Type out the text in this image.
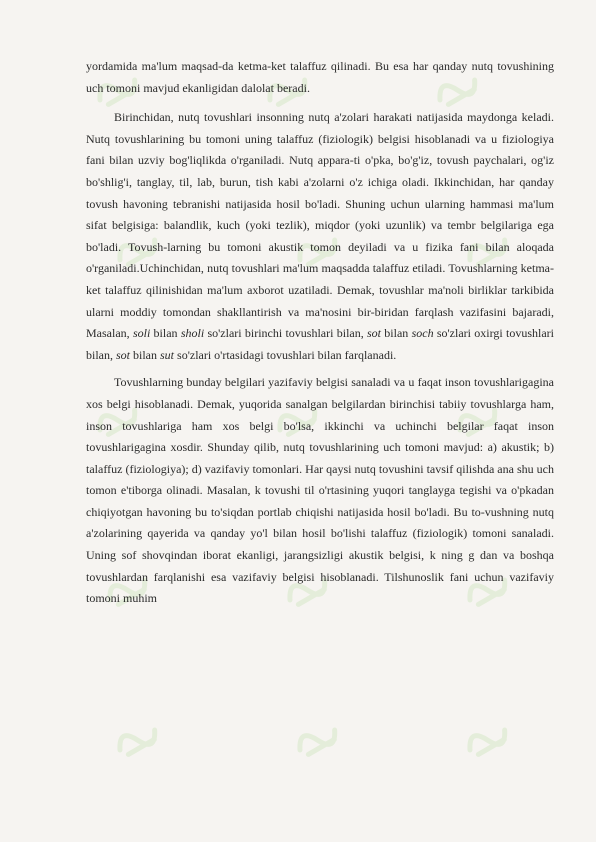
yordamida ma'lum maqsad-da ketma-ket talaffuz qilinadi. Bu esa har qanday nutq tovushining uch tomoni mavjud ekanligidan dalolat beradi.

Birinchidan, nutq tovushlari insonning nutq a'zolari harakati natijasida maydonga keladi. Nutq tovushlarining bu tomoni uning talaffuz (fiziologik) belgisi hisoblanadi va u fiziologiya fani bilan uzviy bog'liqlikda o'rganiladi. Nutq appara-ti o'pka, bo'g'iz, tovush paychalari, og'iz bo'shlig'i, tanglay, til, lab, burun, tish kabi a'zolarni o'z ichiga oladi. Ikkinchidan, har qanday tovush havoning tebranishi natijasida hosil bo'ladi. Shuning uchun ularning hammasi ma'lum sifat belgisiga: balandlik, kuch (yoki tezlik), miqdor (yoki uzunlik) va tembr belgilariga ega bo'ladi. Tovush-larning bu tomoni akustik tomon deyiladi va u fizika fani bilan aloqada o'rganiladi.Uchinchidan, nutq tovushlari ma'lum maqsadda talaffuz etiladi. Tovushlarning ketma-ket talaffuz qilinishidan ma'lum axborot uzatiladi. Demak, tovushlar ma'noli birliklar tarkibida ularni moddiy tomondan shakllantirish va ma'nosini bir-biridan farqlash vazifasini bajaradi, Masalan, soli bilan sholi so'zlari birinchi tovushlari bilan, sot bilan soch so'zlari oxirgi tovushlari bilan, sot bilan sut so'zlari o'rtasidagi tovushlari bilan farqlanadi.

Tovushlarning bunday belgilari yazifaviy belgisi sanaladi va u faqat inson tovushlarigagina xos belgi hisoblanadi. Demak, yuqorida sanalgan belgilardan birinchisi tabiiy tovushlarga ham, inson tovushlariga ham xos belgi bo'lsa, ikkinchi va uchinchi belgilar faqat inson tovushlarigagina xosdir. Shunday qilib, nutq tovushlarining uch tomoni mavjud: a) akustik; b) talaffuz (fiziologiya); d) vazifaviy tomonlari. Har qaysi nutq tovushini tavsif qilishda ana shu uch tomon e'tiborga olinadi. Masalan, k tovushi til o'rtasining yuqori tanglayga tegishi va o'pkadan chiqiyotgan havoning bu to'siqdan portlab chiqishi natijasida hosil bo'ladi. Bu to-vushning nutq a'zolarining qayerida va qanday yo'l bilan hosil bo'lishi talaffuz (fiziologik) tomoni sanaladi. Uning sof shovqindan iborat ekanligi, jarangsizligi akustik belgisi, k ning g dan va boshqa tovushlardan farqlanishi esa vazifaviy belgisi hisoblanadi. Tilshunoslik fani uchun vazifaviy tomoni muhim
